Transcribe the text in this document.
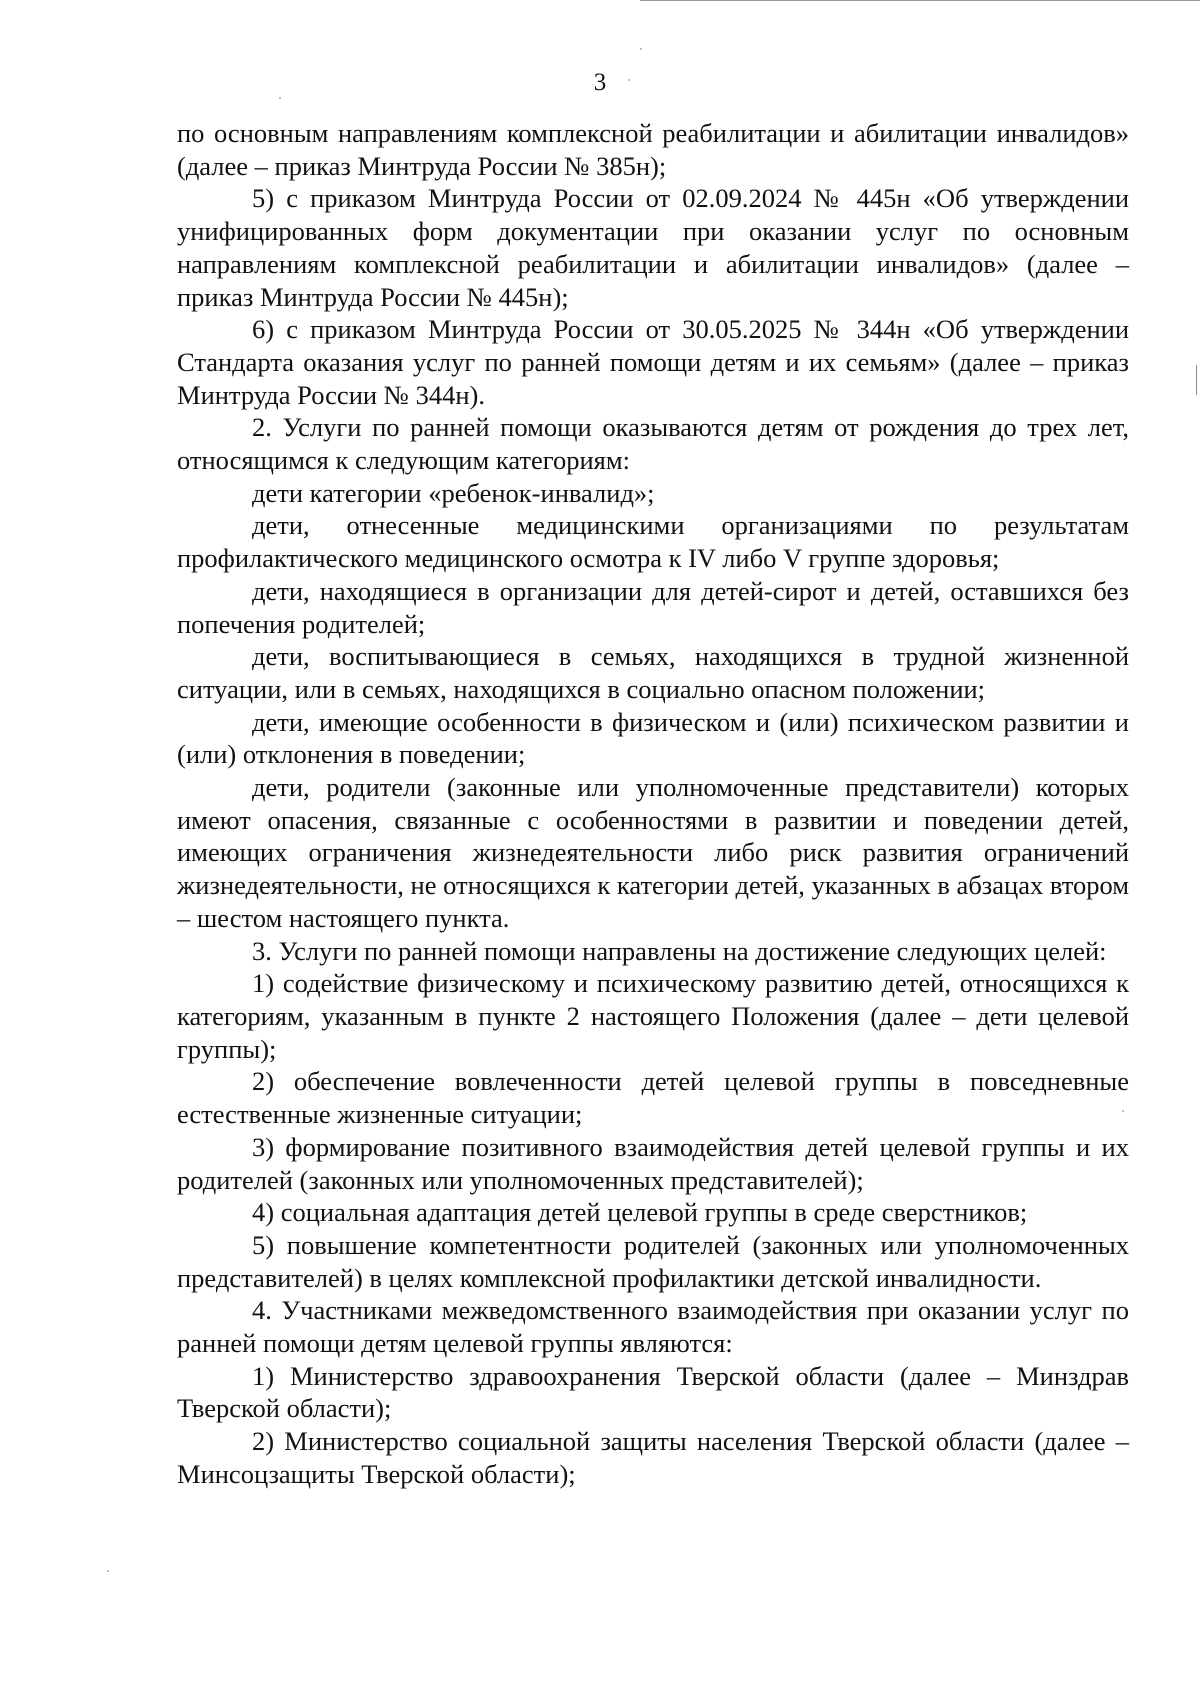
3

по основным направлениям комплексной реабилитации и абилитации инвалидов» (далее – приказ Минтруда России № 385н);

5) с приказом Минтруда России от 02.09.2024 № 445н «Об утверждении унифицированных форм документации при оказании услуг по основным направлениям комплексной реабилитации и абилитации инвалидов» (далее – приказ Минтруда России № 445н);

6) с приказом Минтруда России от 30.05.2025 № 344н «Об утверждении Стандарта оказания услуг по ранней помощи детям и их семьям» (далее – приказ Минтруда России № 344н).

2. Услуги по ранней помощи оказываются детям от рождения до трех лет, относящимся к следующим категориям:

дети категории «ребенок-инвалид»;

дети, отнесенные медицинскими организациями по результатам профилактического медицинского осмотра к IV либо V группе здоровья;

дети, находящиеся в организации для детей-сирот и детей, оставшихся без попечения родителей;

дети, воспитывающиеся в семьях, находящихся в трудной жизненной ситуации, или в семьях, находящихся в социально опасном положении;

дети, имеющие особенности в физическом и (или) психическом развитии и (или) отклонения в поведении;

дети, родители (законные или уполномоченные представители) которых имеют опасения, связанные с особенностями в развитии и поведении детей, имеющих ограничения жизнедеятельности либо риск развития ограничений жизнедеятельности, не относящихся к категории детей, указанных в абзацах втором – шестом настоящего пункта.

3. Услуги по ранней помощи направлены на достижение следующих целей:

1) содействие физическому и психическому развитию детей, относящихся к категориям, указанным в пункте 2 настоящего Положения (далее – дети целевой группы);

2) обеспечение вовлеченности детей целевой группы в повседневные естественные жизненные ситуации;

3) формирование позитивного взаимодействия детей целевой группы и их родителей (законных или уполномоченных представителей);

4) социальная адаптация детей целевой группы в среде сверстников;

5) повышение компетентности родителей (законных или уполномоченных представителей) в целях комплексной профилактики детской инвалидности.

4. Участниками межведомственного взаимодействия при оказании услуг по ранней помощи детям целевой группы являются:

1) Министерство здравоохранения Тверской области (далее – Минздрав Тверской области);

2) Министерство социальной защиты населения Тверской области (далее – Минсоцзащиты Тверской области);
